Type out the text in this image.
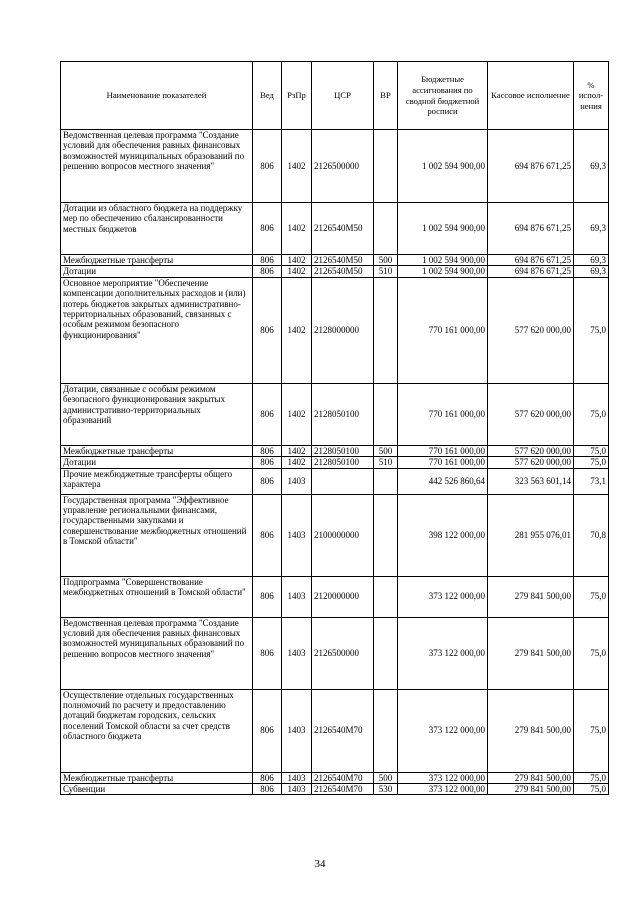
Наименование показателей	Вед	РзПр	ЦСР	ВР	Бюджетные ассигнования по сводной бюджетной росписи	Кассовое исполнение	% испол-нения
Ведомственная целевая программа "Создание условий для обеспечения равных финансовых возможностей муниципальных образований по решению вопросов местного значения"	806	1402	2126500000		1 002 594 900,00	694 876 671,25	69,3
Дотации из областного бюджета на поддержку мер по обеспечению сбалансированности местных бюджетов	806	1402	2126540М50		1 002 594 900,00	694 876 671,25	69,3
Межбюджетные трансферты	806	1402	2126540М50	500	1 002 594 900,00	694 876 671,25	69,3
Дотации	806	1402	2126540М50	510	1 002 594 900,00	694 876 671,25	69,3
Основное мероприятие "Обеспечение компенсации дополнительных расходов и (или) потерь бюджетов закрытых административно-территориальных образований, связанных с особым режимом безопасного функционирования"	806	1402	2128000000		770 161 000,00	577 620 000,00	75,0
Дотации, связанные с особым режимом безопасного функционирования закрытых административно-территориальных образований	806	1402	2128050100		770 161 000,00	577 620 000,00	75,0
Межбюджетные трансферты	806	1402	2128050100	500	770 161 000,00	577 620 000,00	75,0
Дотации	806	1402	2128050100	510	770 161 000,00	577 620 000,00	75,0
Прочие межбюджетные трансферты общего характера	806	1403			442 526 860,64	323 563 601,14	73,1
Государственная программа "Эффективное управление региональными финансами, государственными закупками и совершенствование межбюджетных отношений в Томской области"	806	1403	2100000000		398 122 000,00	281 955 076,01	70,8
Подпрограмма "Совершенствование межбюджетных отношений в Томской области"	806	1403	2120000000		373 122 000,00	279 841 500,00	75,0
Ведомственная целевая программа "Создание условий для обеспечения равных финансовых возможностей муниципальных образований по решению вопросов местного значения"	806	1403	2126500000		373 122 000,00	279 841 500,00	75,0
Осуществление отдельных государственных полномочий по расчету и предоставлению дотаций бюджетам городских, сельских поселений Томской области за счет средств областного бюджета	806	1403	2126540М70		373 122 000,00	279 841 500,00	75,0
Межбюджетные трансферты	806	1403	2126540М70	500	373 122 000,00	279 841 500,00	75,0
Субвенции	806	1403	2126540М70	530	373 122 000,00	279 841 500,00	75,0
34
